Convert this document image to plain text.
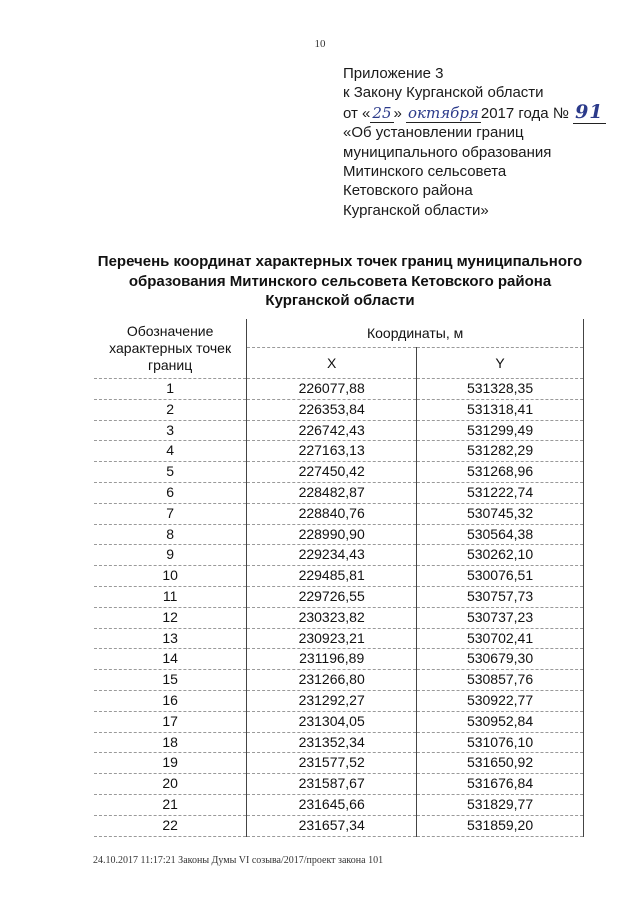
10
Приложение 3
к Закону Курганской области
от « 25 » октября 2017 года № 91
«Об установлении границ
муниципального образования
Митинского сельсовета
Кетовского района
Курганской области»
Перечень координат характерных точек границ муниципального
образования Митинского сельсовета Кетовского района
Курганской области
Обозначение характерных точек границ	Координаты, м	
	X	Y
1	226077,88	531328,35
2	226353,84	531318,41
3	226742,43	531299,49
4	227163,13	531282,29
5	227450,42	531268,96
6	228482,87	531222,74
7	228840,76	530745,32
8	228990,90	530564,38
9	229234,43	530262,10
10	229485,81	530076,51
11	229726,55	530757,73
12	230323,82	530737,23
13	230923,21	530702,41
14	231196,89	530679,30
15	231266,80	530857,76
16	231292,27	530922,77
17	231304,05	530952,84
18	231352,34	531076,10
19	231577,52	531650,92
20	231587,67	531676,84
21	231645,66	531829,77
22	231657,34	531859,20
24.10.2017 11:17:21 Законы Думы VI созыва/2017/проект закона 101
